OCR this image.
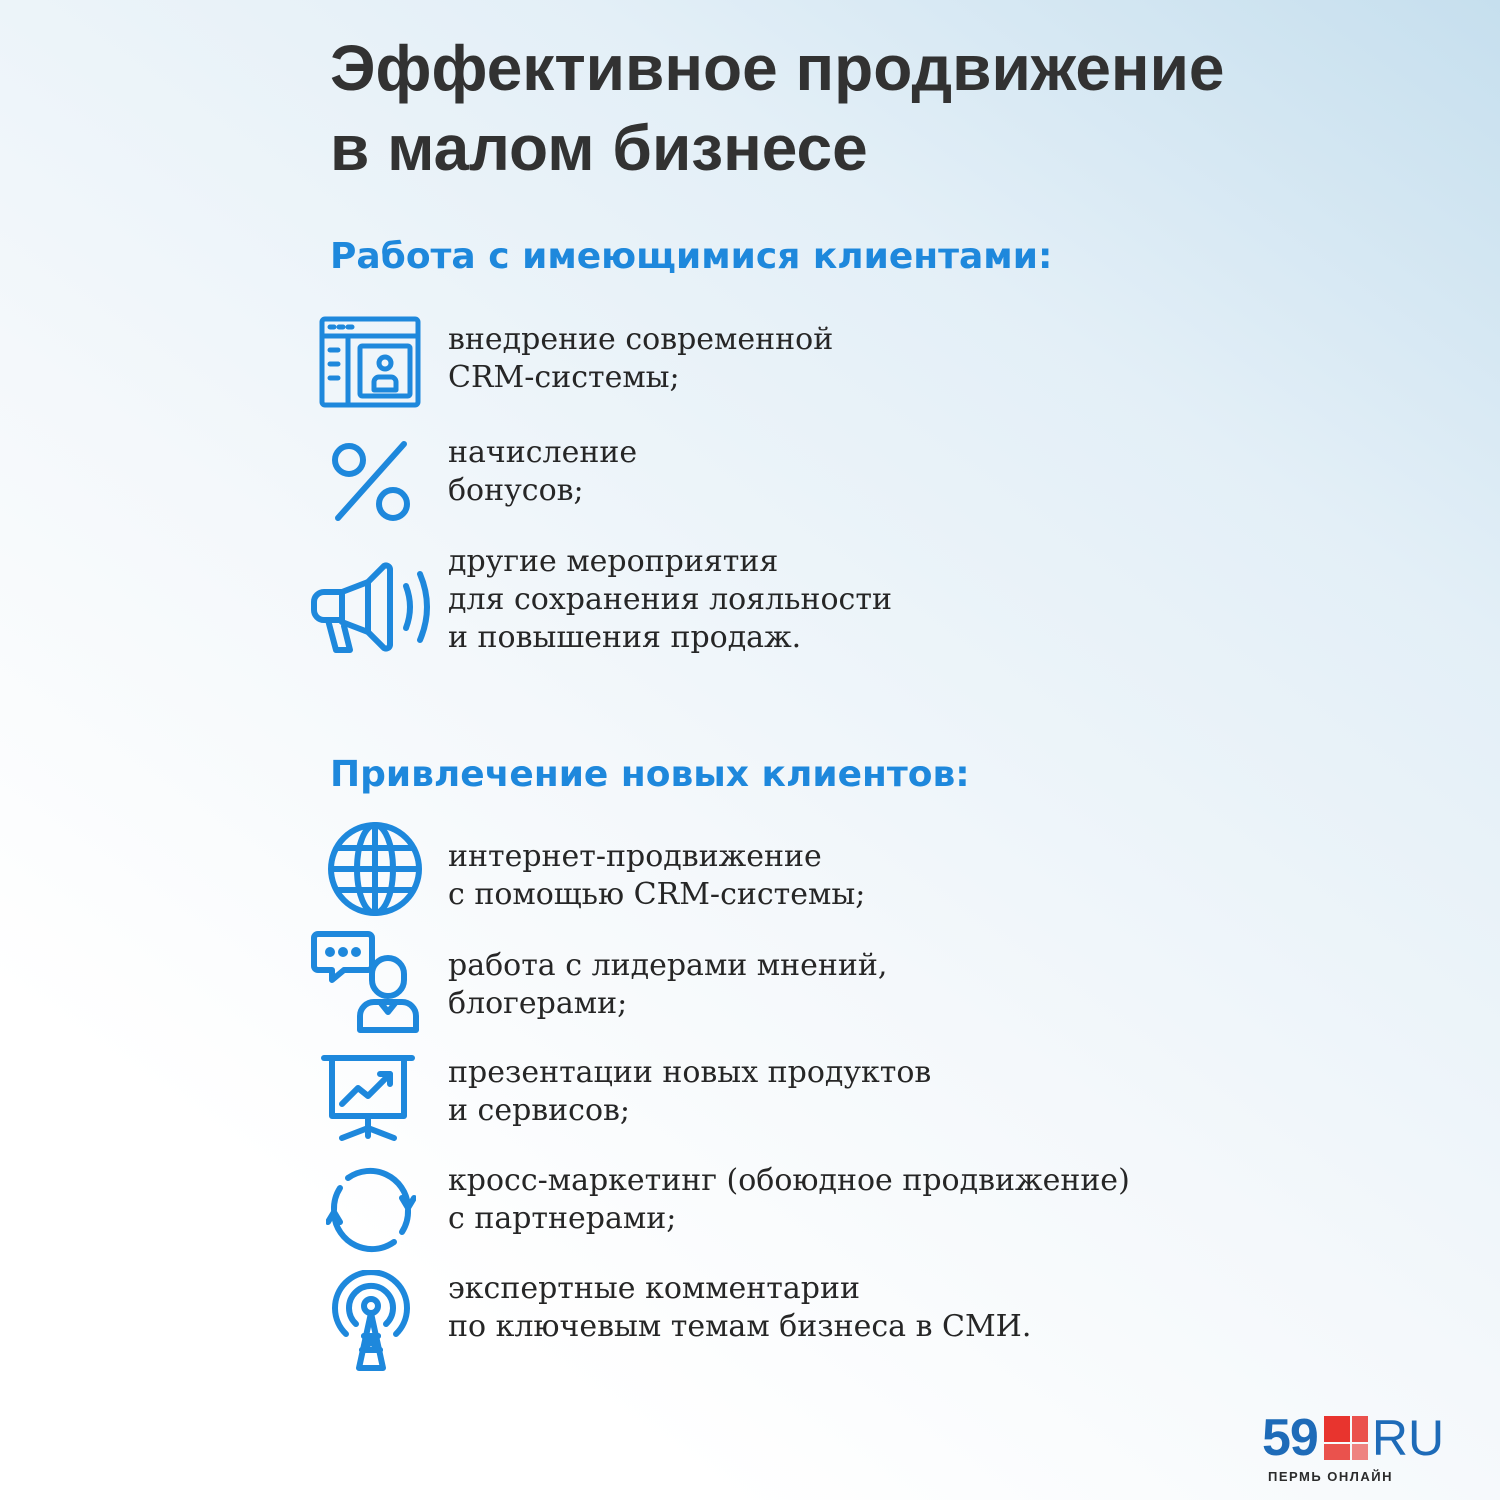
Эффективное продвижение
в малом бизнесе
Работа с имеющимися клиентами:

внедрение современной
CRM-системы;

начисление
бонусов;

другие мероприятия
для сохранения лояльности
и повышения продаж.

Привлечение новых клиентов:

интернет-продвижение
с помощью CRM-системы;

работа с лидерами мнений,
блогерами;

презентации новых продуктов
и сервисов;

кросс-маркетинг (обоюдное продвижение)
с партнерами;

экспертные комментарии
по ключевым темам бизнеса в СМИ.

59 RU
ПЕРМЬ ОНЛАЙН
